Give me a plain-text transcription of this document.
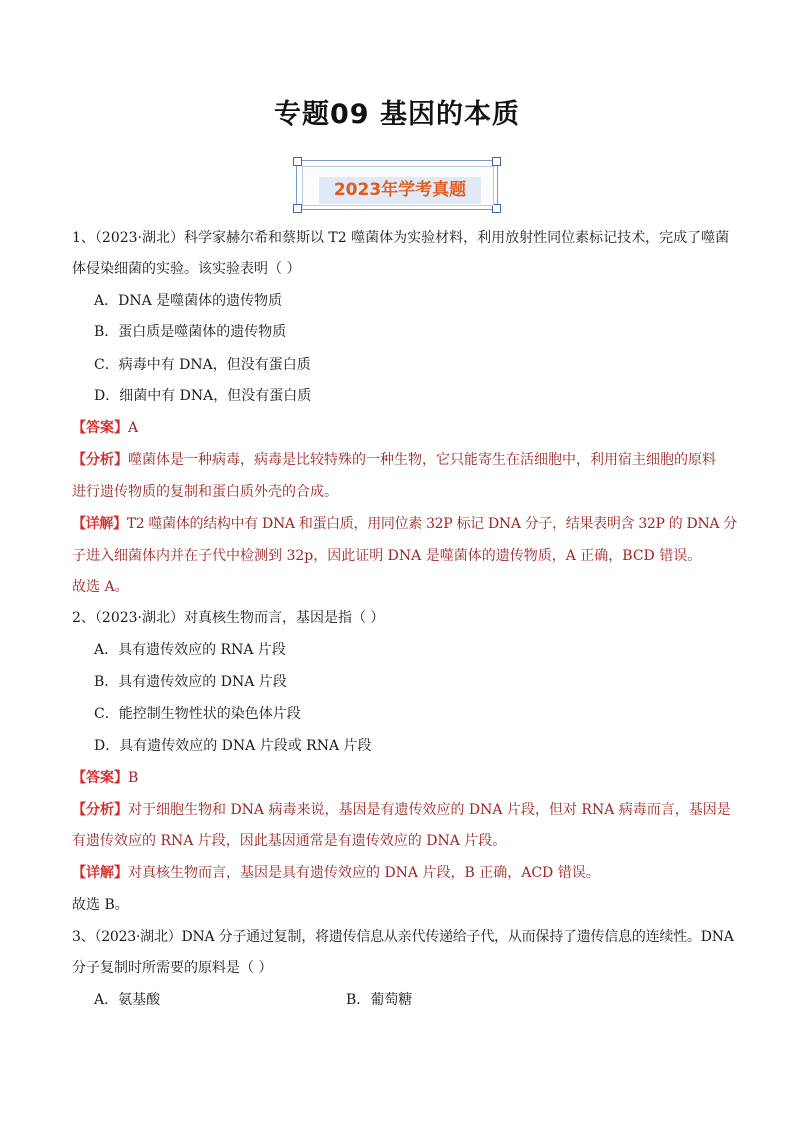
专题09 基因的本质
2023年学考真题
1、（2023·湖北）科学家赫尔希和蔡斯以 T2 噬菌体为实验材料，利用放射性同位素标记技术，完成了噬菌
体侵染细菌的实验。该实验表明（ ）
A．DNA 是噬菌体的遗传物质
B．蛋白质是噬菌体的遗传物质
C．病毒中有 DNA，但没有蛋白质
D．细菌中有 DNA，但没有蛋白质
【答案】A
【分析】噬菌体是一种病毒，病毒是比较特殊的一种生物，它只能寄生在活细胞中，利用宿主细胞的原料
进行遗传物质的复制和蛋白质外壳的合成。
【详解】T2 噬菌体的结构中有 DNA 和蛋白质，用同位素 32P 标记 DNA 分子，结果表明含 32P 的 DNA 分
子进入细菌体内并在子代中检测到 32p，因此证明 DNA 是噬菌体的遗传物质，A 正确，BCD 错误。
故选 A。
2、（2023·湖北）对真核生物而言，基因是指（ ）
A．具有遗传效应的 RNA 片段
B．具有遗传效应的 DNA 片段
C．能控制生物性状的染色体片段
D．具有遗传效应的 DNA 片段或 RNA 片段
【答案】B
【分析】对于细胞生物和 DNA 病毒来说，基因是有遗传效应的 DNA 片段，但对 RNA 病毒而言，基因是
有遗传效应的 RNA 片段，因此基因通常是有遗传效应的 DNA 片段。
【详解】对真核生物而言，基因是具有遗传效应的 DNA 片段，B 正确，ACD 错误。
故选 B。
3、（2023·湖北）DNA 分子通过复制，将遗传信息从亲代传递给子代，从而保持了遗传信息的连续性。DNA
分子复制时所需要的原料是（ ）
A．氨基酸	B．葡萄糖
